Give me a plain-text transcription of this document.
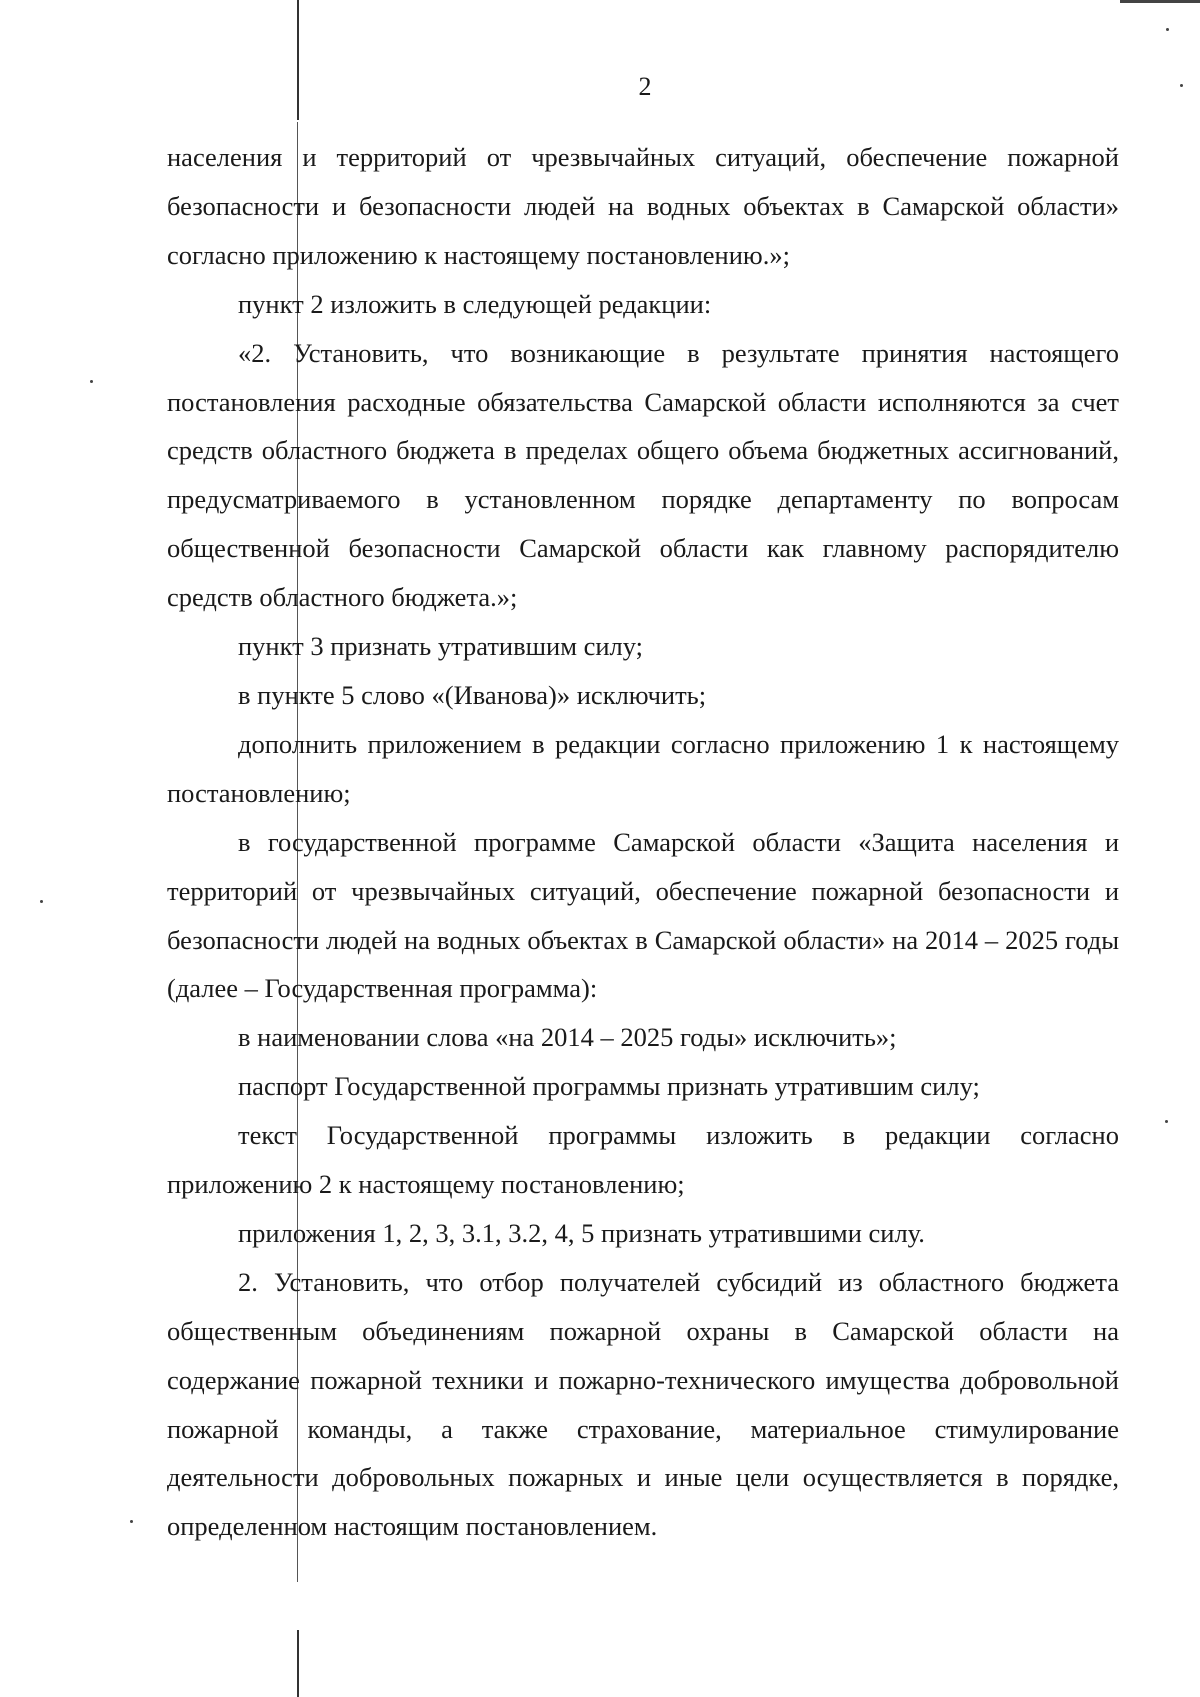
2

населения и территорий от чрезвычайных ситуаций, обеспечение пожарной безопасности и безопасности людей на водных объектах в Самарской области» согласно приложению к настоящему постановлению.»;

пункт 2 изложить в следующей редакции:

«2. Установить, что возникающие в результате принятия настоящего постановления расходные обязательства Самарской области исполняются за счет средств областного бюджета в пределах общего объема бюджетных ассигнований, предусматриваемого в установленном порядке департаменту по вопросам общественной безопасности Самарской области как главному распорядителю средств областного бюджета.»;

пункт 3 признать утратившим силу;

в пункте 5 слово «(Иванова)» исключить;

дополнить приложением в редакции согласно приложению 1 к настоящему постановлению;

в государственной программе Самарской области «Защита населения и территорий от чрезвычайных ситуаций, обеспечение пожарной безопасности и безопасности людей на водных объектах в Самарской области» на 2014 – 2025 годы (далее – Государственная программа):

в наименовании слова «на 2014 – 2025 годы» исключить»;

паспорт Государственной программы признать утратившим силу;

текст Государственной программы изложить в редакции согласно приложению 2 к настоящему постановлению;

приложения 1, 2, 3, 3.1, 3.2, 4, 5 признать утратившими силу.

2. Установить, что отбор получателей субсидий из областного бюджета общественным объединениям пожарной охраны в Самарской области на содержание пожарной техники и пожарно-технического имущества добровольной пожарной команды, а также страхование, материальное стимулирование деятельности добровольных пожарных и иные цели осуществляется в порядке, определенном настоящим постановлением.
